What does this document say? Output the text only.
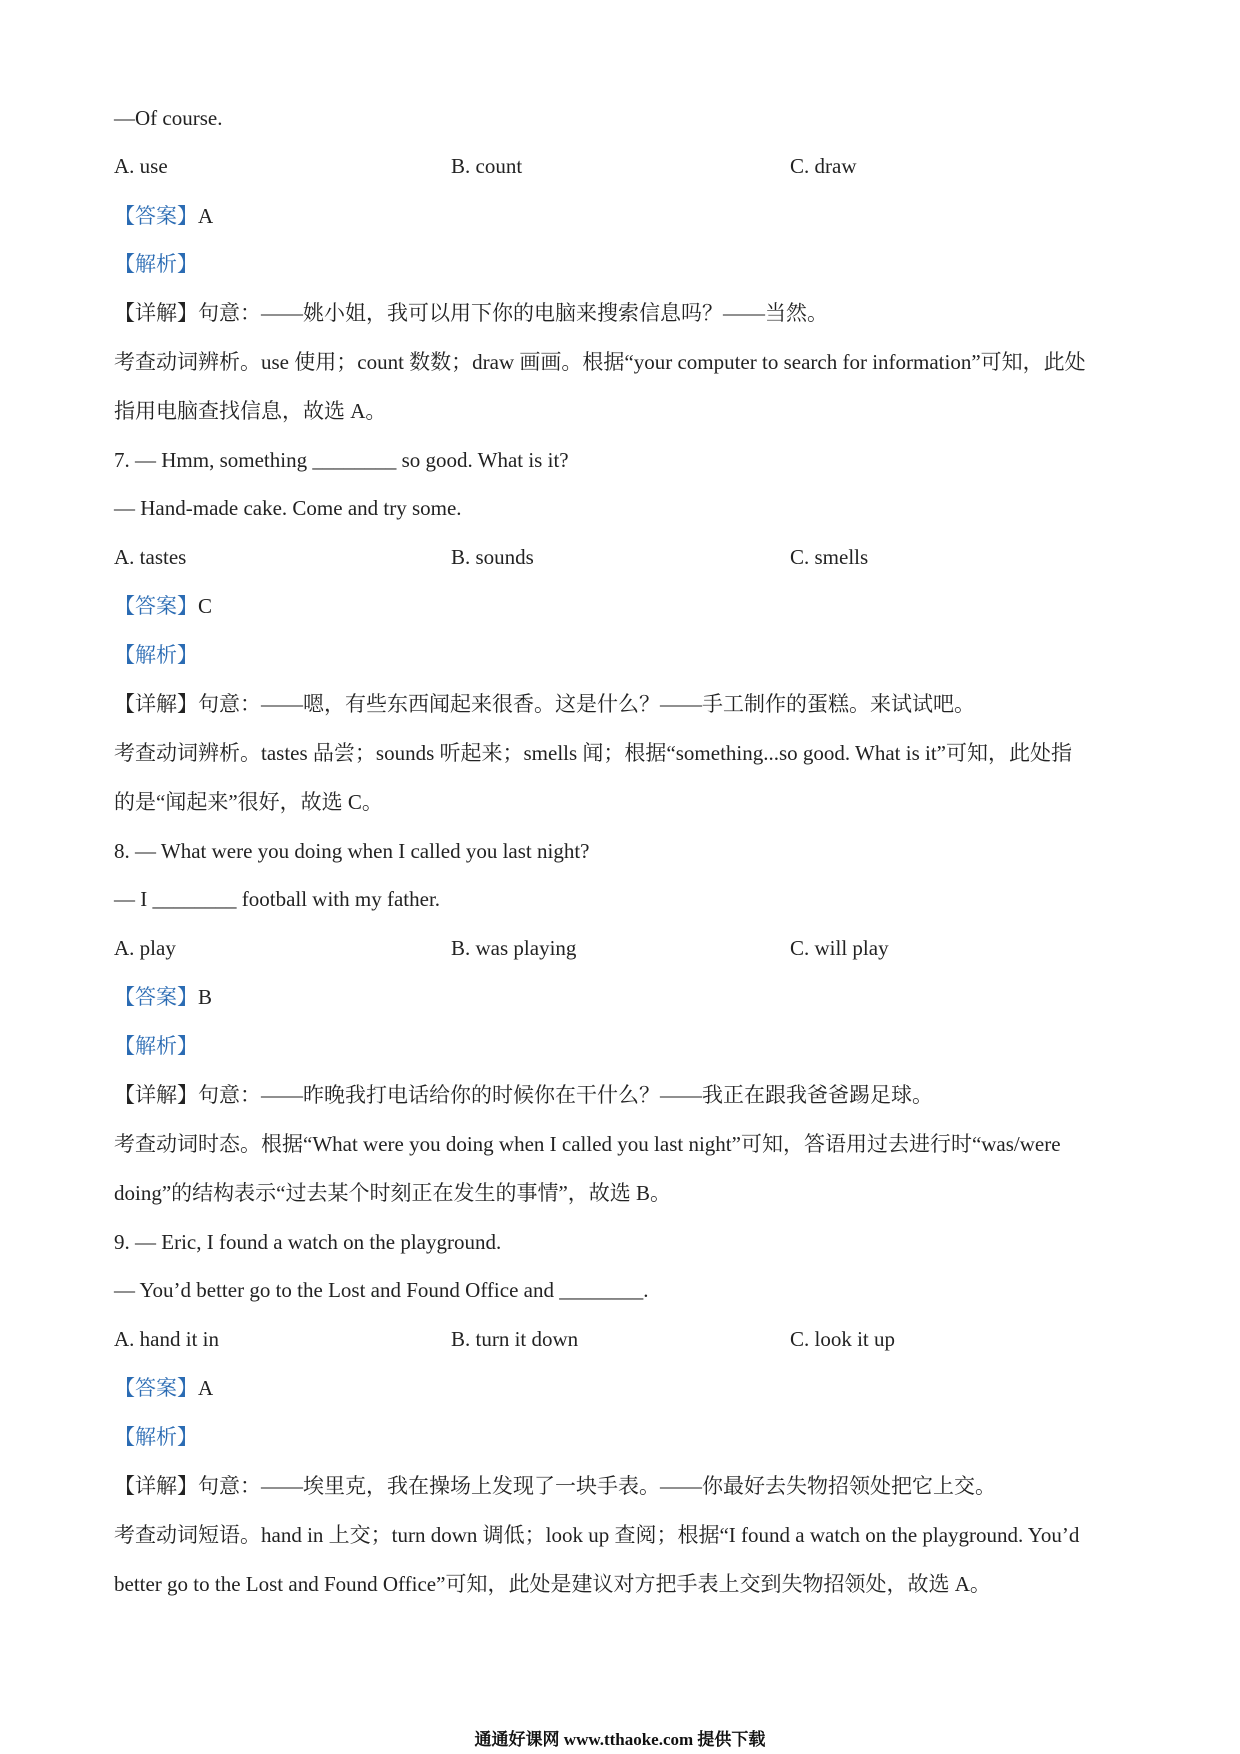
—Of course.
A. use	B. count	C. draw
【答案】A
【解析】
【详解】句意：——姚小姐，我可以用下你的电脑来搜索信息吗？——当然。
考查动词辨析。use 使用；count 数数；draw 画画。根据“your computer to search for information”可知，此处
指用电脑查找信息，故选 A。
7. — Hmm, something ________ so good. What is it?
— Hand-made cake. Come and try some.
A. tastes	B. sounds	C. smells
【答案】C
【解析】
【详解】句意：——嗯，有些东西闻起来很香。这是什么？——手工制作的蛋糕。来试试吧。
考查动词辨析。tastes 品尝；sounds 听起来；smells 闻；根据“something...so good. What is it”可知，此处指
的是“闻起来”很好，故选 C。
8. — What were you doing when I called you last night?
— I ________ football with my father.
A. play	B. was playing	C. will play
【答案】B
【解析】
【详解】句意：——昨晚我打电话给你的时候你在干什么？——我正在跟我爸爸踢足球。
考查动词时态。根据“What were you doing when I called you last night”可知，答语用过去进行时“was/were
doing”的结构表示“过去某个时刻正在发生的事情”，故选 B。
9. — Eric, I found a watch on the playground.
— You’d better go to the Lost and Found Office and ________.
A. hand it in	B. turn it down	C. look it up
【答案】A
【解析】
【详解】句意：——埃里克，我在操场上发现了一块手表。——你最好去失物招领处把它上交。
考查动词短语。hand in 上交；turn down 调低；look up 查阅；根据“I found a watch on the playground. You’d
better go to the Lost and Found Office”可知，此处是建议对方把手表上交到失物招领处，故选 A。
通通好课网 www.tthaoke.com 提供下载
